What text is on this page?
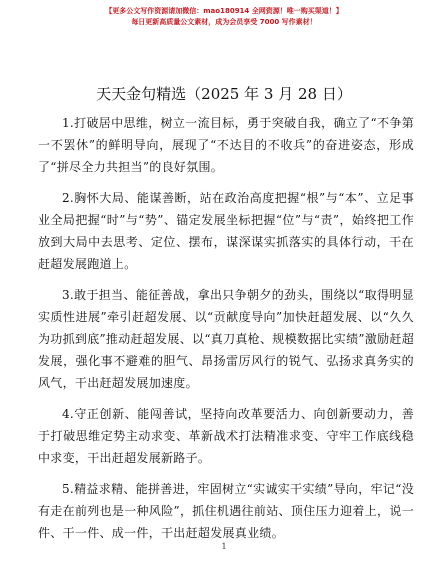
【更多公文写作资源请加微信：mao180914 全网资源！唯一购买渠道！】
每日更新高质量公文素材，成为会员享受 7000 写作素材！
天天金句精选（2025 年 3 月 28 日）

1.打破居中思维，树立一流目标，勇于突破自我，确立了“不争第一不罢休”的鲜明导向，展现了“不达目的不收兵”的奋进姿态，形成了“拼尽全力共担当”的良好氛围。

2.胸怀大局、能谋善断，站在政治高度把握“根”与“本”、立足事业全局把握“时”与“势”、锚定发展坐标把握“位”与“责”，始终把工作放到大局中去思考、定位、摆布，谋深谋实抓落实的具体行动，干在赶超发展跑道上。

3.敢于担当、能征善战，拿出只争朝夕的劲头，围绕以“取得明显实质性进展”牵引赶超发展、以“贡献度导向”加快赶超发展、以“久久为功抓到底”推动赶超发展、以“真刀真枪、规模数据比实绩”激励赶超发展，强化事不避难的胆气、昂扬雷厉风行的锐气、弘扬求真务实的风气，干出赶超发展加速度。

4.守正创新、能闯善试，坚持向改革要活力、向创新要动力，善于打破思维定势主动求变、革新战术打法精准求变、守牢工作底线稳中求变，干出赶超发展新路子。

5.精益求精、能拼善进，牢固树立“实诚实干实绩”导向，牢记“没有走在前列也是一种风险”，抓住机遇往前站、顶住压力迎着上，说一件、干一件、成一件，干出赶超发展真业绩。

1
